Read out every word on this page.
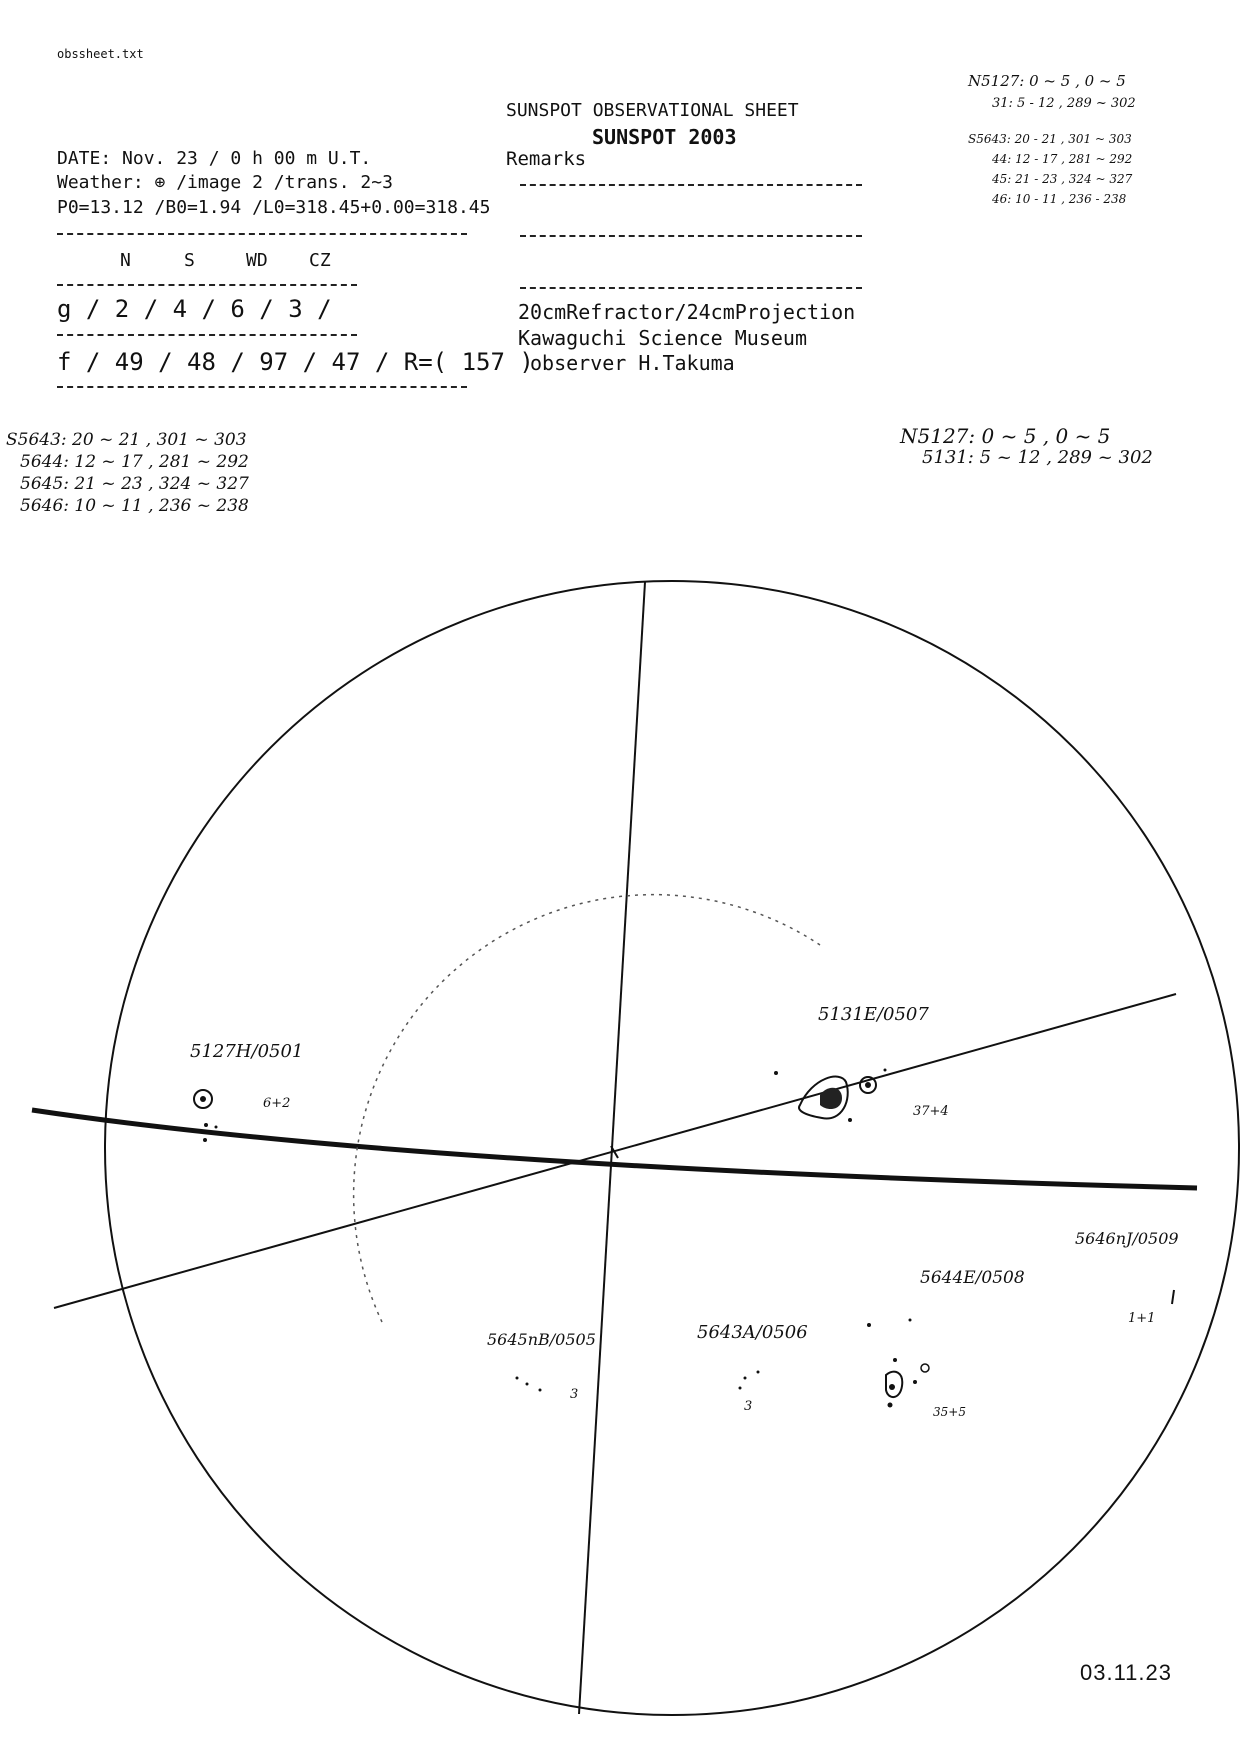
obssheet.txt
SUNSPOT OBSERVATIONAL SHEET
SUNSPOT 2003
Remarks
DATE: Nov. 23 / 0 h 00 m U.T.
Weather: ⊕ /image 2 /trans. 2~3
P0=13.12 /B0=1.94 /L0=318.45+0.00=318.45
N	S	WD CZ
g / 2 / 4 / 6 / 3 /
f / 49 / 48 / 97 / 47 / R=( 157 )
20cmRefractor/24cmProjection
Kawaguchi Science Museum
observer H.Takuma
N5127: 0 ~ 5 , 0 ~ 5
31: 5 - 12 , 289 ~ 302
S5643: 20 - 21 , 301 ~ 303
44: 12 - 17 , 281 ~ 292
45: 21 - 23 , 324 ~ 327
46: 10 - 11 , 236 - 238
S5643: 20 ~ 21 , 301 ~ 303
5644: 12 ~ 17 , 281 ~ 292
5645: 21 ~ 23 , 324 ~ 327
5646: 10 ~ 11 , 236 ~ 238
N5127: 0 ~ 5 , 0 ~ 5
5131: 5 ~ 12 , 289 ~ 302
5127H/0501
6+2
5131E/0507
37+4
5646nJ/0509
1+1
5644E/0508
35+5
5643A/0506
3
5645nB/0505
3
03.11.23
